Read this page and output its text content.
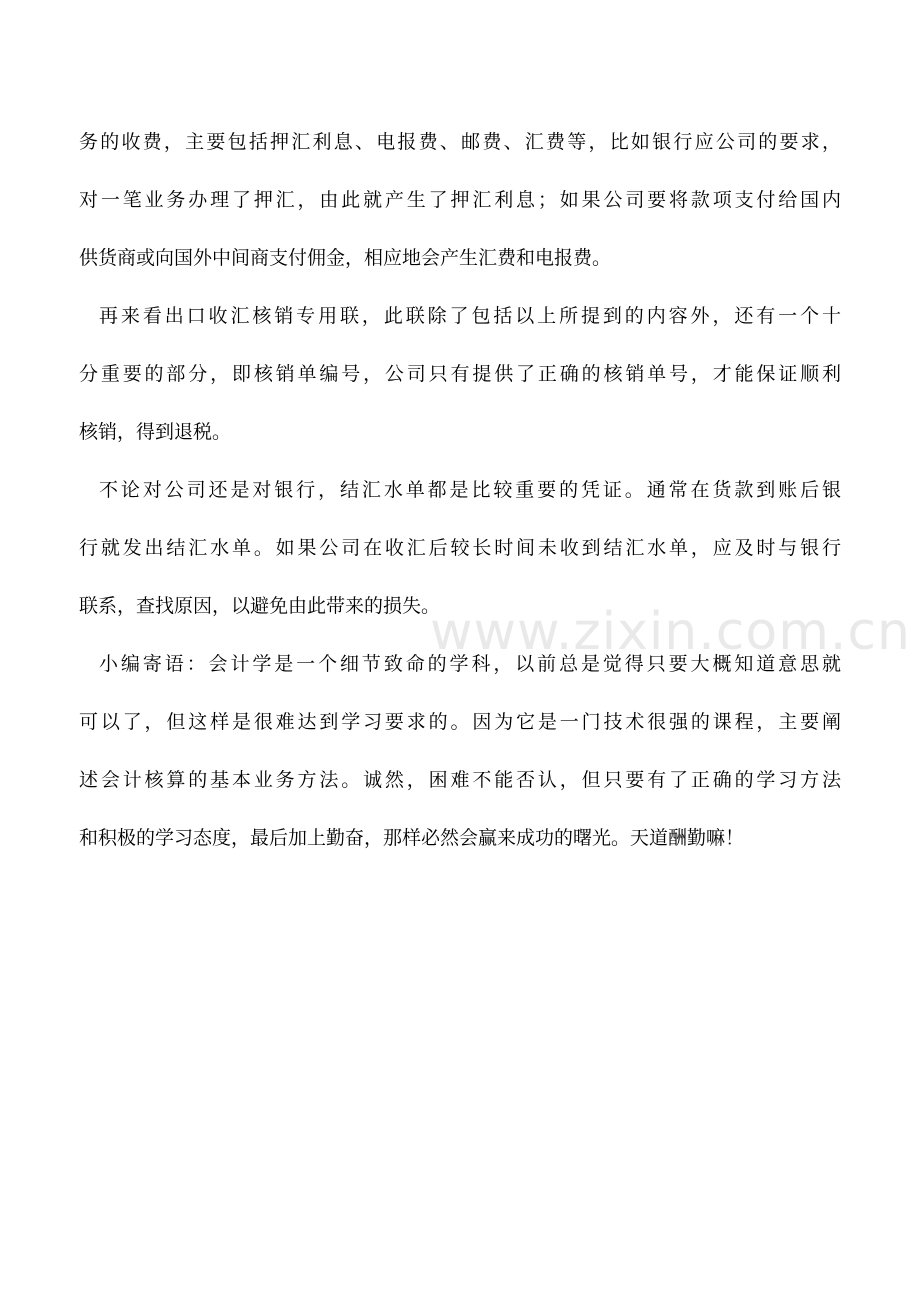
www.zixin.com.cn
务的收费，主要包括押汇利息、电报费、邮费、汇费等，比如银行应公司的要求，
对一笔业务办理了押汇，由此就产生了押汇利息；如果公司要将款项支付给国内
供货商或向国外中间商支付佣金，相应地会产生汇费和电报费。
再来看出口收汇核销专用联，此联除了包括以上所提到的内容外，还有一个十
分重要的部分，即核销单编号，公司只有提供了正确的核销单号，才能保证顺利
核销，得到退税。
不论对公司还是对银行，结汇水单都是比较重要的凭证。通常在货款到账后银
行就发出结汇水单。如果公司在收汇后较长时间未收到结汇水单，应及时与银行
联系，查找原因，以避免由此带来的损失。
小编寄语：会计学是一个细节致命的学科，以前总是觉得只要大概知道意思就
可以了，但这样是很难达到学习要求的。因为它是一门技术很强的课程，主要阐
述会计核算的基本业务方法。诚然，困难不能否认，但只要有了正确的学习方法
和积极的学习态度，最后加上勤奋，那样必然会赢来成功的曙光。天道酬勤嘛！
